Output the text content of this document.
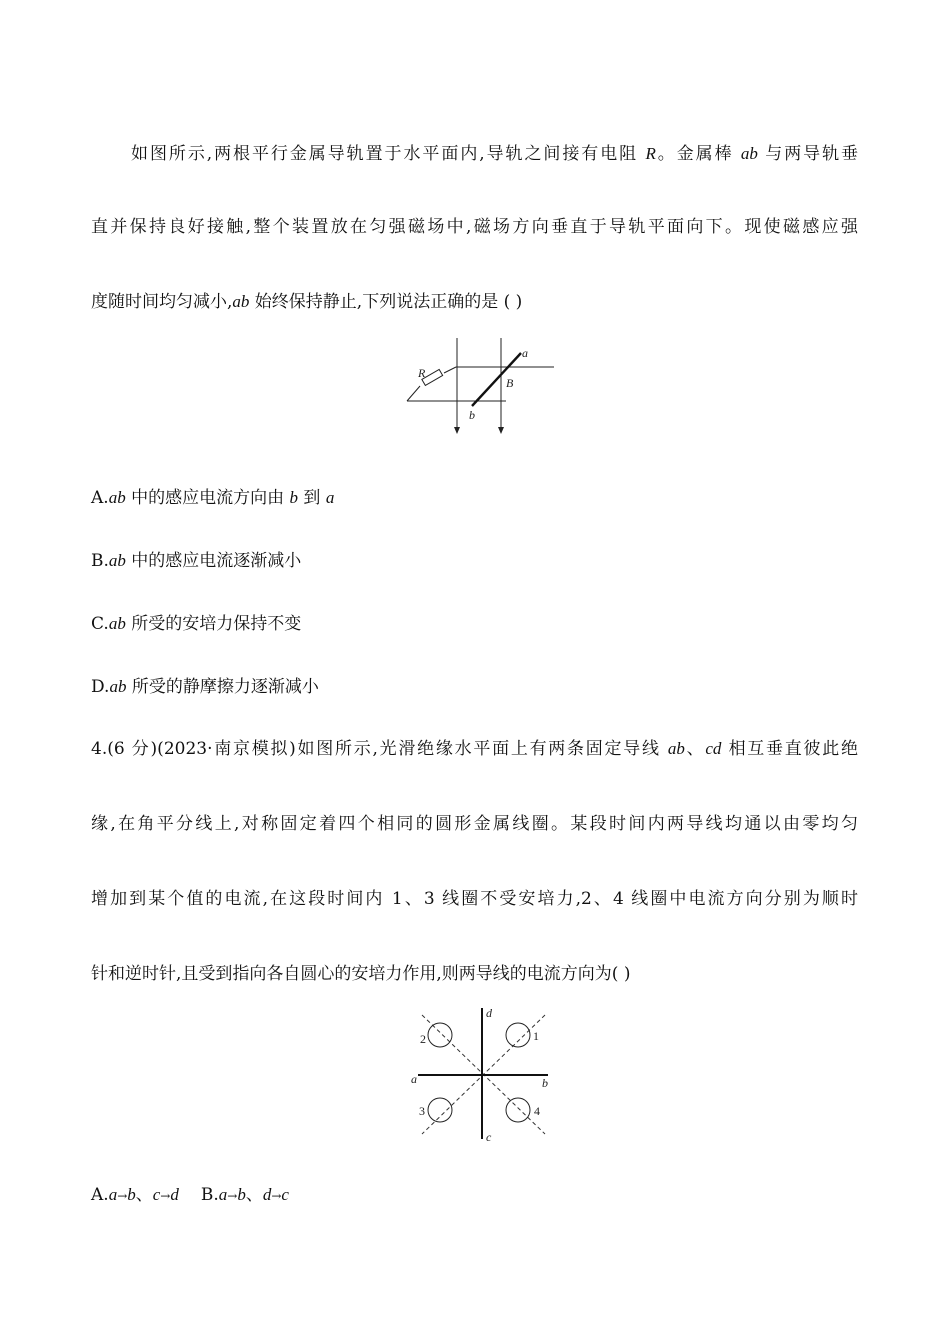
如图所示,两根平行金属导轨置于水平面内,导轨之间接有电阻 R。金属棒 ab 与两导轨垂
直并保持良好接触,整个装置放在匀强磁场中,磁场方向垂直于导轨平面向下。现使磁感应强
度随时间均匀减小,ab 始终保持静止,下列说法正确的是 ( )
R
a
B
b
A.ab 中的感应电流方向由 b 到 a
B.ab 中的感应电流逐渐减小
C.ab 所受的安培力保持不变
D.ab 所受的静摩擦力逐渐减小
4.(6 分)(2023·南京模拟)如图所示,光滑绝缘水平面上有两条固定导线 ab、cd 相互垂直彼此绝
缘,在角平分线上,对称固定着四个相同的圆形金属线圈。某段时间内两导线均通以由零均匀
增加到某个值的电流,在这段时间内 1、3 线圈不受安培力,2、4 线圈中电流方向分别为顺时
针和逆时针,且受到指向各自圆心的安培力作用,则两导线的电流方向为( )
d
c
a	b
1
2
3	4
A.a→b、c→d B.a→b、d→c
